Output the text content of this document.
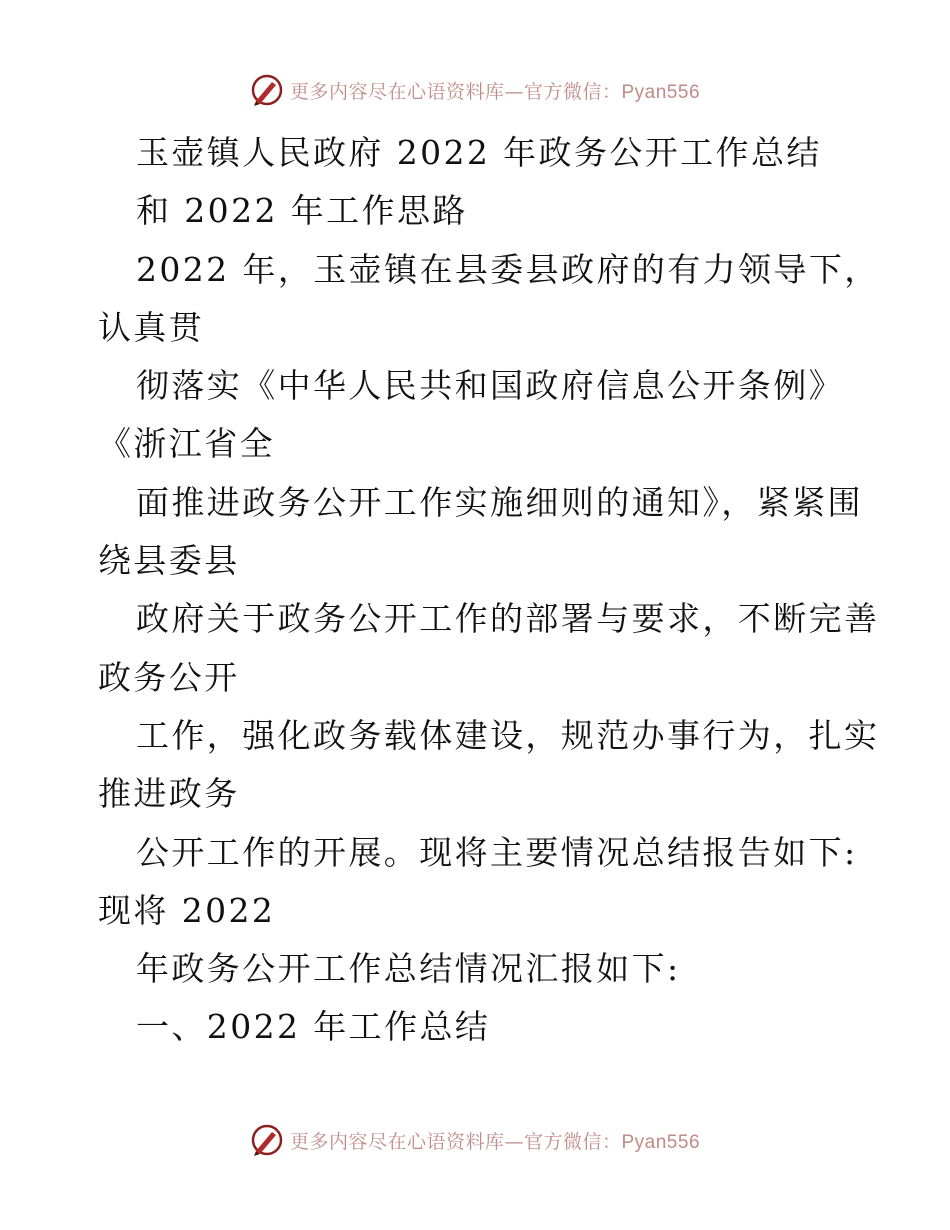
更多内容尽在心语资料库—官方微信：Pyan556
玉壶镇人民政府 2022 年政务公开工作总结
和 2022 年工作思路
2022 年，玉壶镇在县委县政府的有力领导下，
认真贯
彻落实《中华人民共和国政府信息公开条例》
《浙江省全
面推进政务公开工作实施细则的通知》，紧紧围
绕县委县
政府关于政务公开工作的部署与要求，不断完善
政务公开
工作，强化政务载体建设，规范办事行为，扎实
推进政务
公开工作的开展。现将主要情况总结报告如下:
现将 2022
年政务公开工作总结情况汇报如下:
一、2022 年工作总结
更多内容尽在心语资料库—官方微信：Pyan556
